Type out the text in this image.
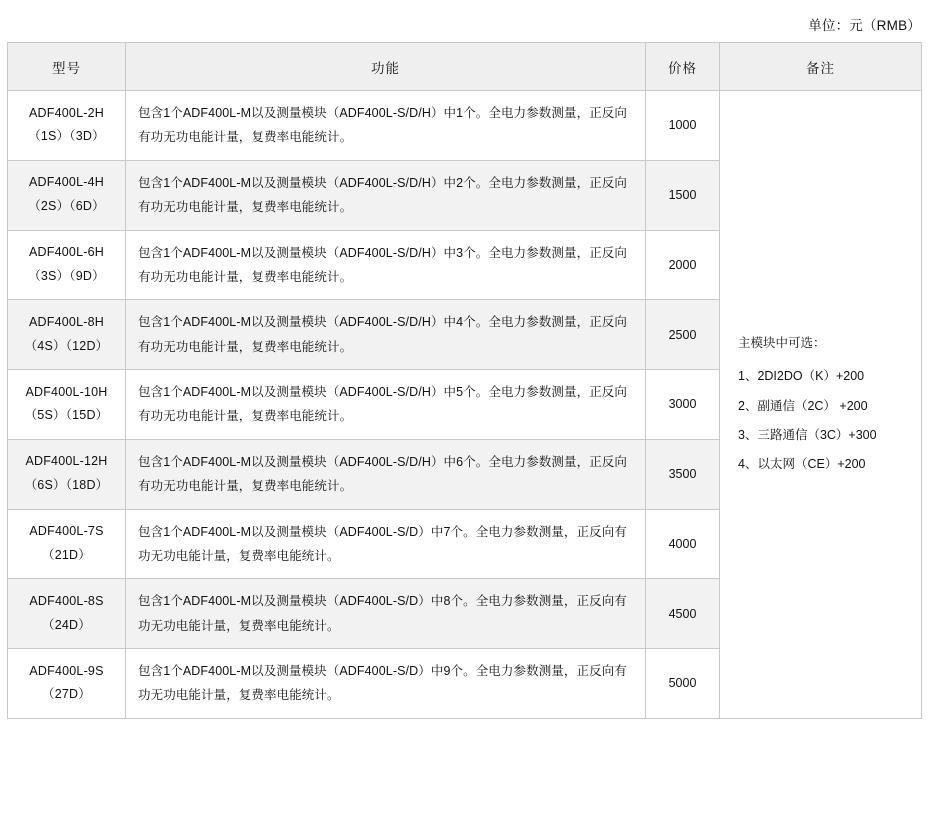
单位：元（RMB）
型号	功能	价格	备注

ADF400L-2H
（1S）（3D）	包含1个ADF400L-M以及测量模块（ADF400L-S/D/H）中1个。全电力参数测量，正反向有功无功电能计量，复费率电能统计。	1000	主模块中可选：
1、2DI2DO（K）+200
2、副通信（2C） +200
3、三路通信（3C）+300
4、以太网（CE）+200

ADF400L-4H
（2S）（6D）	包含1个ADF400L-M以及测量模块（ADF400L-S/D/H）中2个。全电力参数测量，正反向有功无功电能计量，复费率电能统计。	1500	

ADF400L-6H
（3S）（9D）	包含1个ADF400L-M以及测量模块（ADF400L-S/D/H）中3个。全电力参数测量，正反向有功无功电能计量，复费率电能统计。	2000	

ADF400L-8H
（4S）（12D）	包含1个ADF400L-M以及测量模块（ADF400L-S/D/H）中4个。全电力参数测量，正反向有功无功电能计量，复费率电能统计。	2500	

ADF400L-10H
（5S）（15D）	包含1个ADF400L-M以及测量模块（ADF400L-S/D/H）中5个。全电力参数测量，正反向有功无功电能计量，复费率电能统计。	3000	

ADF400L-12H
（6S）（18D）	包含1个ADF400L-M以及测量模块（ADF400L-S/D/H）中6个。全电力参数测量，正反向有功无功电能计量，复费率电能统计。	3500	

ADF400L-7S
（21D）	包含1个ADF400L-M以及测量模块（ADF400L-S/D）中7个。全电力参数测量，正反向有功无功电能计量，复费率电能统计。	4000	

ADF400L-8S
（24D）	包含1个ADF400L-M以及测量模块（ADF400L-S/D）中8个。全电力参数测量，正反向有功无功电能计量，复费率电能统计。	4500	

ADF400L-9S
（27D）	包含1个ADF400L-M以及测量模块（ADF400L-S/D）中9个。全电力参数测量，正反向有功无功电能计量，复费率电能统计。	5000	
